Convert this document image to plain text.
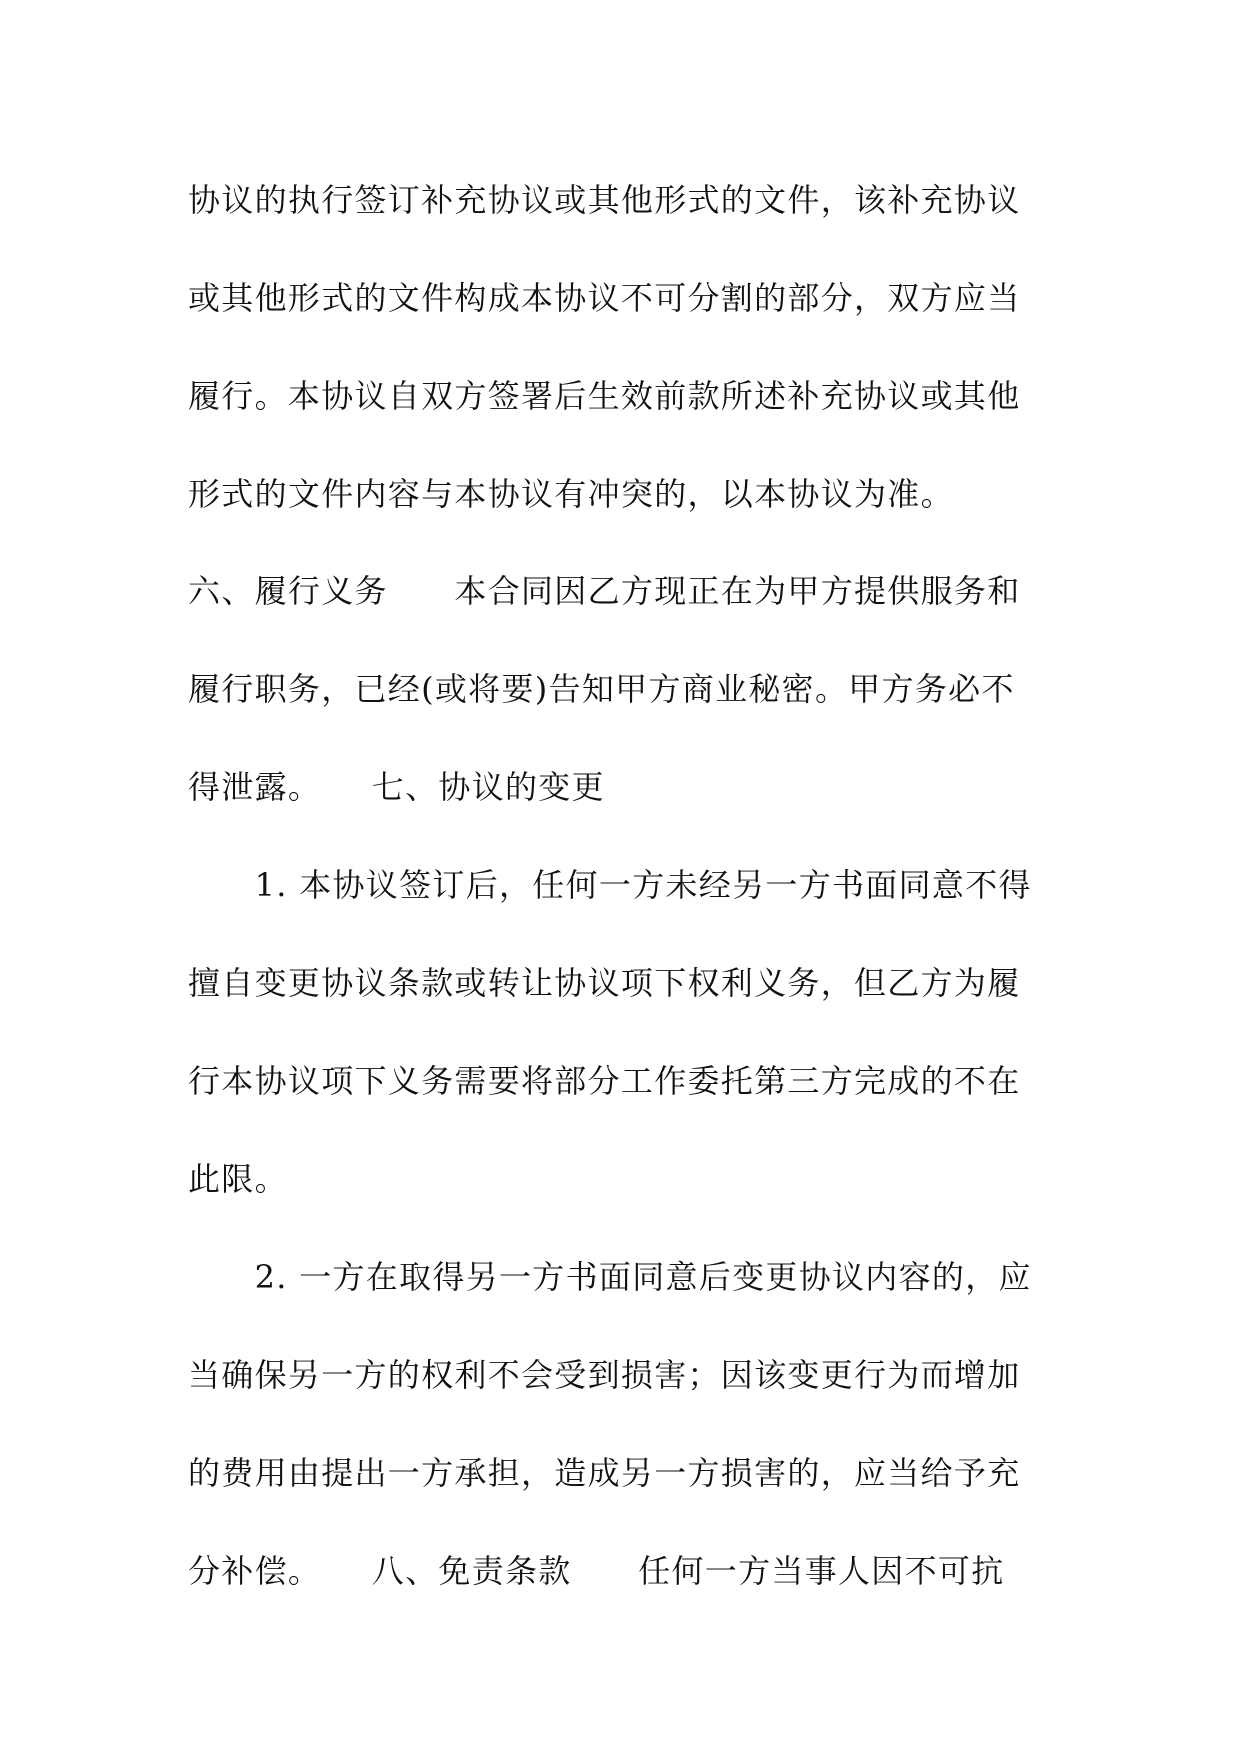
协议的执行签订补充协议或其他形式的文件，该补充协议
或其他形式的文件构成本协议不可分割的部分，双方应当
履行。本协议自双方签署后生效前款所述补充协议或其他
形式的文件内容与本协议有冲突的，以本协议为准。
六、履行义务　　本合同因乙方现正在为甲方提供服务和
履行职务，已经(或将要)告知甲方商业秘密。甲方务必不
得泄露。　　七、协议的变更
　　1. 本协议签订后，任何一方未经另一方书面同意不得
擅自变更协议条款或转让协议项下权利义务，但乙方为履
行本协议项下义务需要将部分工作委托第三方完成的不在
此限。
　　2. 一方在取得另一方书面同意后变更协议内容的，应
当确保另一方的权利不会受到损害；因该变更行为而增加
的费用由提出一方承担，造成另一方损害的，应当给予充
分补偿。　　八、免责条款　　任何一方当事人因不可抗
